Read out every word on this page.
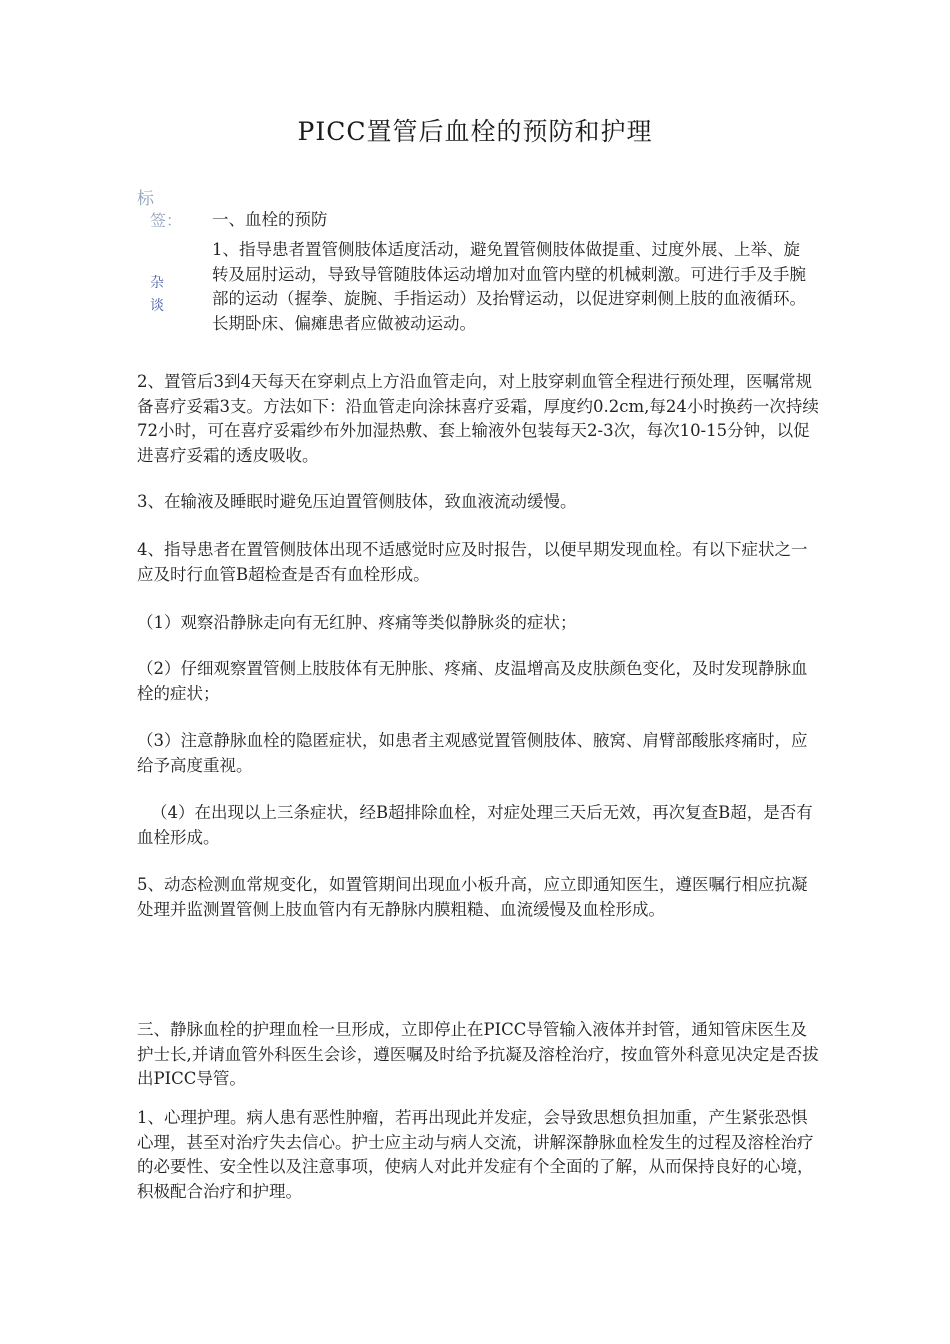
PICC置管后血栓的预防和护理
标
签：
杂
谈
一、血栓的预防
1、指导患者置管侧肢体适度活动，避免置管侧肢体做提重、过度外展、上举、旋转及屈肘运动，导致导管随肢体运动增加对血管内壁的机械刺激。可进行手及手腕部的运动（握拳、旋腕、手指运动）及抬臂运动，以促进穿刺侧上肢的血液循环。长期卧床、偏瘫患者应做被动运动。

2、置管后3到4天每天在穿刺点上方沿血管走向，对上肢穿刺血管全程进行预处理，医嘱常规备喜疗妥霜3支。方法如下：沿血管走向涂抹喜疗妥霜，厚度约0.2cm,每24小时换药一次持续72小时，可在喜疗妥霜纱布外加湿热敷、套上输液外包装每天2-3次，每次10-15分钟，以促进喜疗妥霜的透皮吸收。

3、在输液及睡眠时避免压迫置管侧肢体，致血液流动缓慢。

4、指导患者在置管侧肢体出现不适感觉时应及时报告，以便早期发现血栓。有以下症状之一应及时行血管B超检查是否有血栓形成。

（1）观察沿静脉走向有无红肿、疼痛等类似静脉炎的症状；

（2）仔细观察置管侧上肢肢体有无肿胀、疼痛、皮温增高及皮肤颜色变化，及时发现静脉血栓的症状；

（3）注意静脉血栓的隐匿症状，如患者主观感觉置管侧肢体、腋窝、肩臂部酸胀疼痛时，应给予高度重视。

（4）在出现以上三条症状，经B超排除血栓，对症处理三天后无效，再次复查B超，是否有血栓形成。

5、动态检测血常规变化，如置管期间出现血小板升高，应立即通知医生，遵医嘱行相应抗凝处理并监测置管侧上肢血管内有无静脉内膜粗糙、血流缓慢及血栓形成。

三、静脉血栓的护理血栓一旦形成，立即停止在PICC导管输入液体并封管，通知管床医生及护士长,并请血管外科医生会诊，遵医嘱及时给予抗凝及溶栓治疗，按血管外科意见决定是否拔出PICC导管。

1、心理护理。病人患有恶性肿瘤，若再出现此并发症，会导致思想负担加重，产生紧张恐惧心理，甚至对治疗失去信心。护士应主动与病人交流，讲解深静脉血栓发生的过程及溶栓治疗的必要性、安全性以及注意事项，使病人对此并发症有个全面的了解，从而保持良好的心境，积极配合治疗和护理。
